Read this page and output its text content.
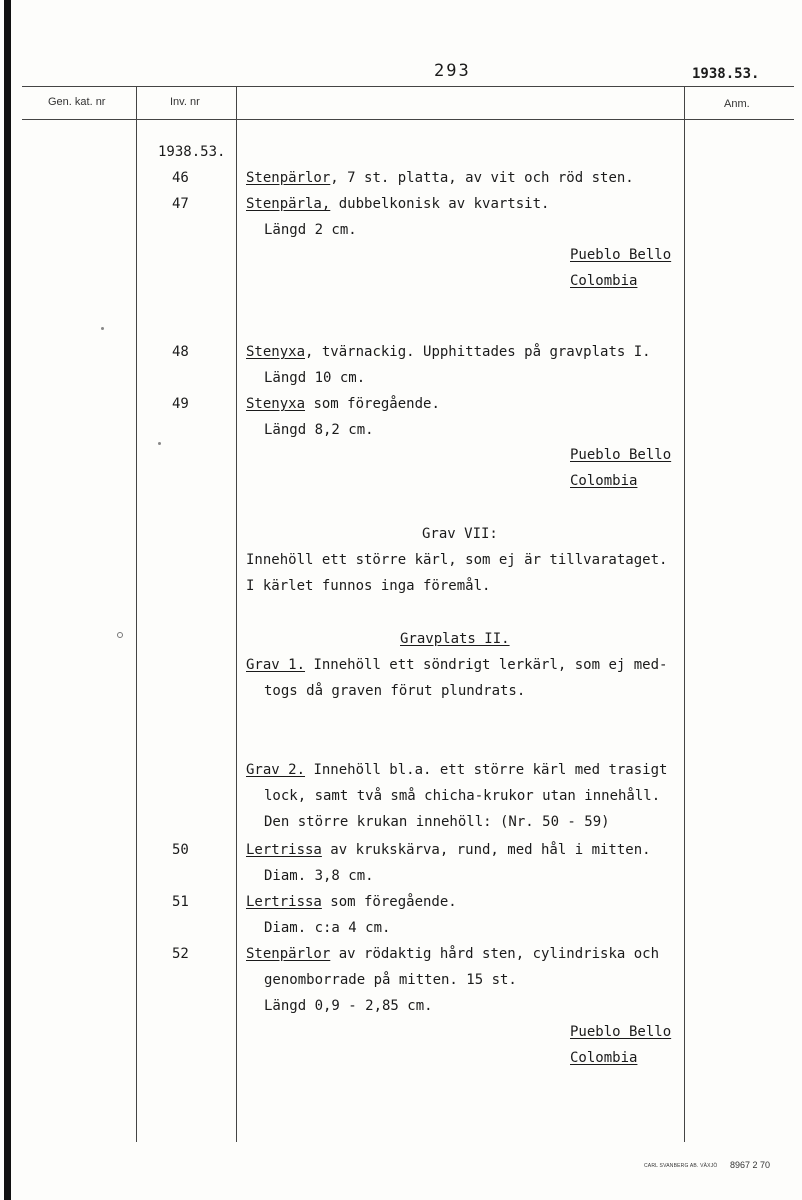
293	1938.53.
Gen. kat. nr	Inv. nr	Anm.
1938.53.
46	Stenpärlor, 7 st. platta, av vit och röd sten.
47	Stenpärla, dubbelkonisk av kvartsit.
Längd 2 cm.
Pueblo Bello
Colombia
48	Stenyxa, tvärnackig. Upphittades på gravplats I.
Längd 10 cm.
49	Stenyxa som föregående.
Längd 8,2 cm.
Pueblo Bello
Colombia
Grav VII:
Innehöll ett större kärl, som ej är tillvarataget.
I kärlet funnos inga föremål.
Gravplats II.
Grav 1. Innehöll ett söndrigt lerkärl, som ej med-
togs då graven förut plundrats.
Grav 2. Innehöll bl.a. ett större kärl med trasigt
lock, samt två små chicha-krukor utan innehåll.
Den större krukan innehöll: (Nr. 50 - 59)
50	Lertrissa av krukskärva, rund, med hål i mitten.
Diam. 3,8 cm.
51	Lertrissa som föregående.
Diam. c:a 4 cm.
52	Stenpärlor av rödaktig hård sten, cylindriska och
genomborrade på mitten. 15 st.
Längd 0,9 - 2,85 cm.
Pueblo Bello
Colombia
CARL SVANBERG AB. VÄXJÖ 8967 2 70
